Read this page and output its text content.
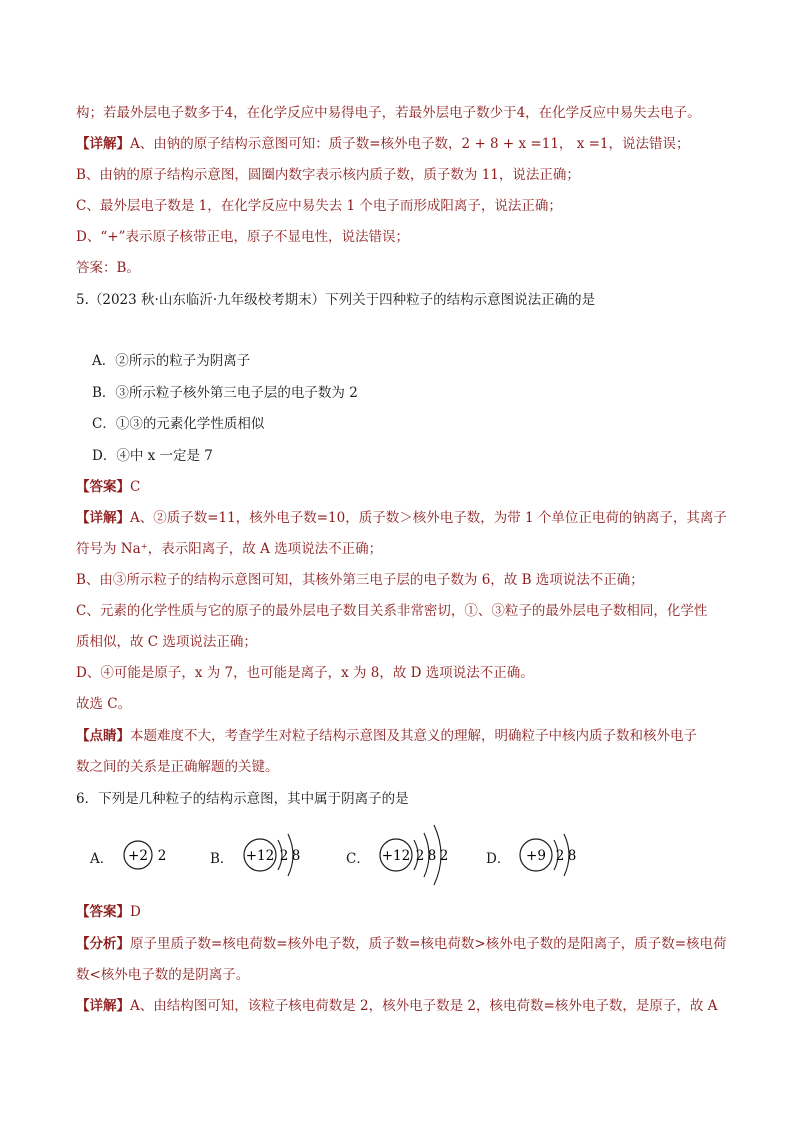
构；若最外层电子数多于4，在化学反应中易得电子，若最外层电子数少于4，在化学反应中易失去电子。
【详解】A、由钠的原子结构示意图可知：质子数=核外电子数，2 + 8 + x =11， x =1，说法错误；
B、由钠的原子结构示意图，圆圈内数字表示核内质子数，质子数为 11，说法正确；
C、最外层电子数是 1，在化学反应中易失去 1 个电子而形成阳离子，说法正确；
D、“+”表示原子核带正电，原子不显电性，说法错误；
答案：B。
5.（2023 秋·山东临沂·九年级校考期末）下列关于四种粒子的结构示意图说法正确的是
A．②所示的粒子为阴离子
B．③所示粒子核外第三电子层的电子数为 2
C．①③的元素化学性质相似
D．④中 x 一定是 7
【答案】C
【详解】A、②质子数=11，核外电子数=10，质子数＞核外电子数，为带 1 个单位正电荷的钠离子，其离子
符号为 Na⁺，表示阳离子，故 A 选项说法不正确；
B、由③所示粒子的结构示意图可知，其核外第三电子层的电子数为 6，故 B 选项说法不正确；
C、元素的化学性质与它的原子的最外层电子数目关系非常密切，①、③粒子的最外层电子数相同，化学性
质相似，故 C 选项说法正确；
D、④可能是原子，x 为 7，也可能是离子，x 为 8，故 D 选项说法不正确。
故选 C。
【点睛】本题难度不大，考查学生对粒子结构示意图及其意义的理解，明确粒子中核内质子数和核外电子
数之间的关系是正确解题的关键。
6．下列是几种粒子的结构示意图，其中属于阴离子的是
A． +2 2	B． +12 2 8	C． +12 2 8 2	D． +9 2 8
【答案】D
【分析】原子里质子数=核电荷数=核外电子数，质子数=核电荷数>核外电子数的是阳离子，质子数=核电荷
数<核外电子数的是阴离子。
【详解】A、由结构图可知，该粒子核电荷数是 2，核外电子数是 2，核电荷数=核外电子数，是原子，故 A
